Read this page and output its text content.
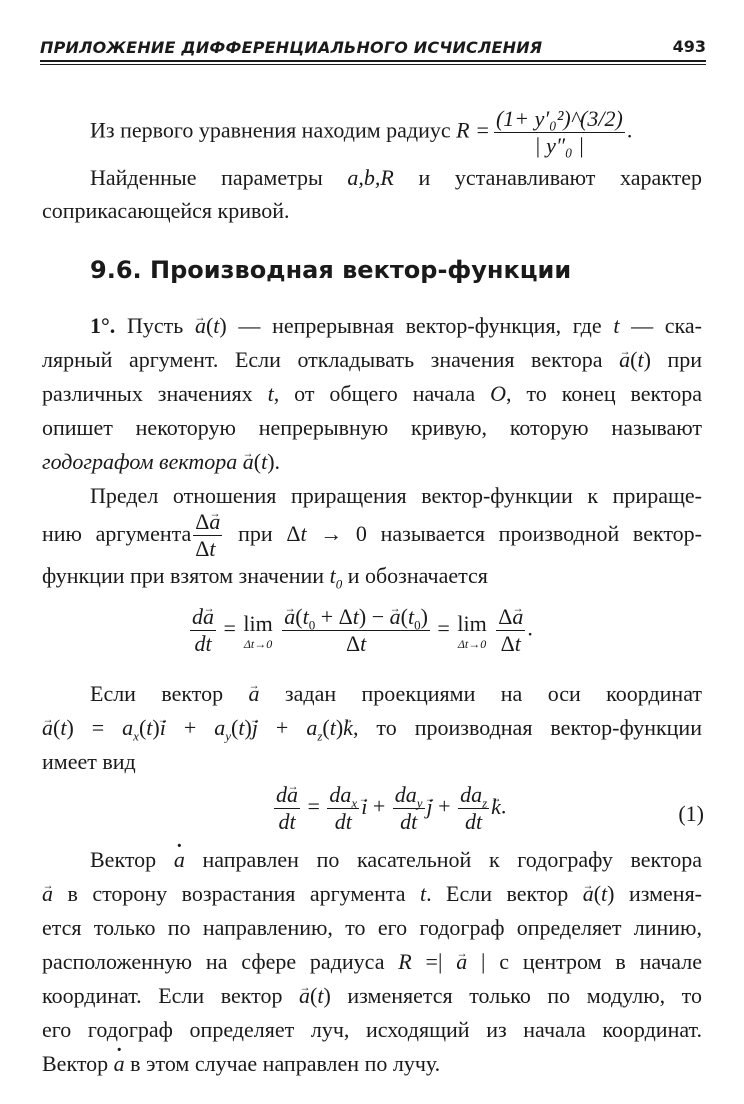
ПРИЛОЖЕНИЕ ДИФФЕРЕНЦИАЛЬНОГО ИСЧИСЛЕНИЯ	493
Из первого уравнения находим радиус $R = \frac{\text{(1+ y′₀²)\textasciicircum{}(3/2)}}{\text{| y″₀ |}}$ .
Найденные параметры a,b,R и устанавливают характер
соприкасающейся кривой.
9.6. Производная вектор-функции
1°. Пусть → a(t) — непрерывная вектор-функция, где t — ска-
лярный аргумент. Если откладывать значения вектора → a(t) при
различных значениях t, от общего начала O, то конец вектора
опишет некоторую непрерывную кривую, которую называют
годографом вектора → a(t).
Предел отношения приращения вектор-функции к прираще-
нию аргумента $\frac{\Delta\to a}{\Delta t}$ при Δt → 0 называется производной вектор-
функции при взятом значении $t_0$ и обозначается
$\frac{d\to a}{dt} = \lim$
Δt→0
→ $\frac{a(t_0 + \Delta t) - \to a(t_0)}{\Delta t} = \lim$
Δt→0
$\frac{\Delta\to a}{\Delta t}$ .
Если вектор → a задан проекциями на оси координат
→ $a(t) = a_x(t)\to i + a_y(t)\to j + a_z(t)\to k$, то производная вектор-функции
имеет вид
$\frac{d\to a}{dt} = da_x$
dt
→ $i + da_y$
dt
→ $j + da_z$
dt
→ k.	(1)
Вектор · a направлен по касательной к годографу вектора
→ a в сторону возрастания аргумента t. Если вектор → a(t) изменя-
ется только по направлению, то его годограф определяет линию,
расположенную на сфере радиуса R =| → a | с центром в начале
координат. Если вектор → a(t) изменяется только по модулю, то
его годограф определяет луч, исходящий из начала координат.
Вектор · a в этом случае направлен по лучу.
